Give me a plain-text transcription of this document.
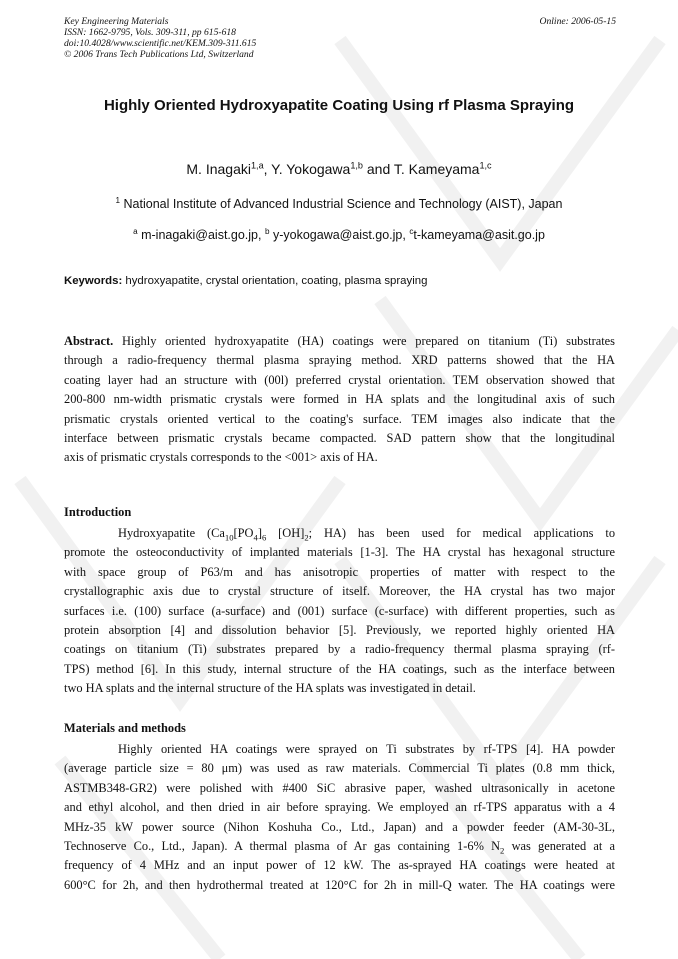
Key Engineering Materials
ISSN: 1662-9795, Vols. 309-311, pp 615-618
doi:10.4028/www.scientific.net/KEM.309-311.615
© 2006 Trans Tech Publications Ltd, Switzerland
Online: 2006-05-15
Highly Oriented Hydroxyapatite Coating Using rf Plasma Spraying
M. Inagaki$^{1,a}$, Y. Yokogawa$^{1,b}$ and T. Kameyama$^{1,c}$
$^1$ National Institute of Advanced Industrial Science and Technology (AIST), Japan
$^a$ m-inagaki@aist.go.jp, $^b$ y-yokogawa@aist.go.jp, $^c$t-kameyama@asit.go.jp
Keywords: hydroxyapatite, crystal orientation, coating, plasma spraying
Abstract. Highly oriented hydroxyapatite (HA) coatings were prepared on titanium (Ti) substrates
through a radio-frequency thermal plasma spraying method. XRD patterns showed that the HA
coating layer had an structure with (00l) preferred crystal orientation. TEM observation showed that
200-800 nm-width prismatic crystals were formed in HA splats and the longitudinal axis of such
prismatic crystals oriented vertical to the coating's surface. TEM images also indicate that the
interface between prismatic crystals became compacted. SAD pattern show that the longitudinal
axis of prismatic crystals corresponds to the <001> axis of HA.
Introduction
Hydroxyapatite ($Ca_{10}[PO_4]_6$ $[OH]_2$; HA) has been used for medical applications to
promote the osteoconductivity of implanted materials [1-3]. The HA crystal has hexagonal structure
with space group of P63/m and has anisotropic properties of matter with respect to the
crystallographic axis due to crystal structure of itself. Moreover, the HA crystal has two major
surfaces i.e. (100) surface (a-surface) and (001) surface (c-surface) with different properties, such as
protein absorption [4] and dissolution behavior [5]. Previously, we reported highly oriented HA
coatings on titanium (Ti) substrates prepared by a radio-frequency thermal plasma spraying (rf-
TPS) method [6]. In this study, internal structure of the HA coatings, such as the interface between
two HA splats and the internal structure of the HA splats was investigated in detail.
Materials and methods
Highly oriented HA coatings were sprayed on Ti substrates by rf-TPS [4]. HA powder
(average particle size = 80 μm) was used as raw materials. Commercial Ti plates (0.8 mm thick,
ASTMB348-GR2) were polished with #400 SiC abrasive paper, washed ultrasonically in acetone
and ethyl alcohol, and then dried in air before spraying. We employed an rf-TPS apparatus with a 4
MHz-35 kW power source (Nihon Koshuha Co., Ltd., Japan) and a powder feeder (AM-30-3L,
Technoserve Co., Ltd., Japan). A thermal plasma of Ar gas containing 1-6% $N_2$ was generated at a
frequency of 4 MHz and an input power of 12 kW. The as-sprayed HA coatings were heated at
600°C for 2h, and then hydrothermal treated at 120°C for 2h in mill-Q water. The HA coatings were
